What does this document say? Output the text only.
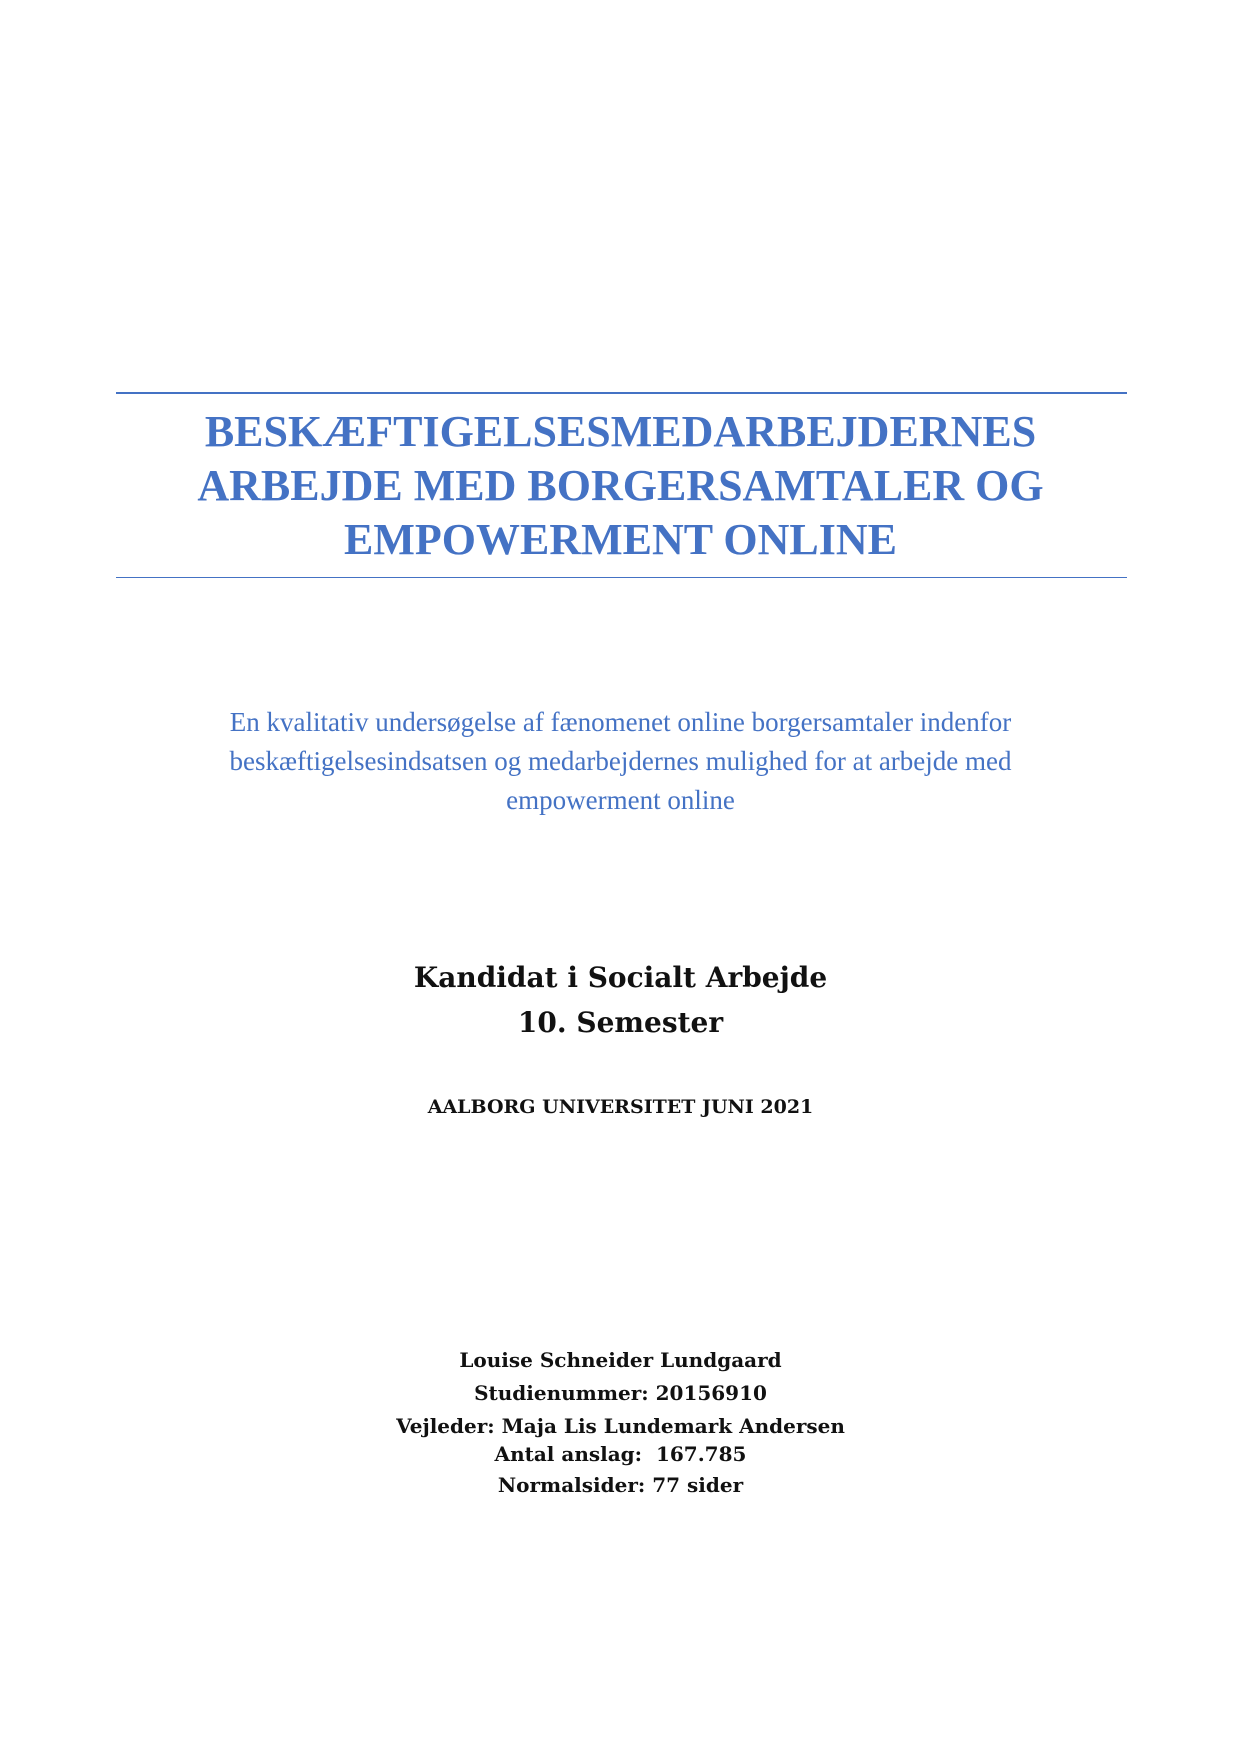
BESKÆFTIGELSESMEDARBEJDERNES
ARBEJDE MED BORGERSAMTALER OG
EMPOWERMENT ONLINE
En kvalitativ undersøgelse af fænomenet online borgersamtaler indenfor
beskæftigelsesindsatsen og medarbejdernes mulighed for at arbejde med
empowerment online
Kandidat i Socialt Arbejde
10. Semester
AALBORG UNIVERSITET JUNI 2021
Louise Schneider Lundgaard
Studienummer: 20156910
Vejleder: Maja Lis Lundemark Andersen
Antal anslag:  167.785
Normalsider: 77 sider
